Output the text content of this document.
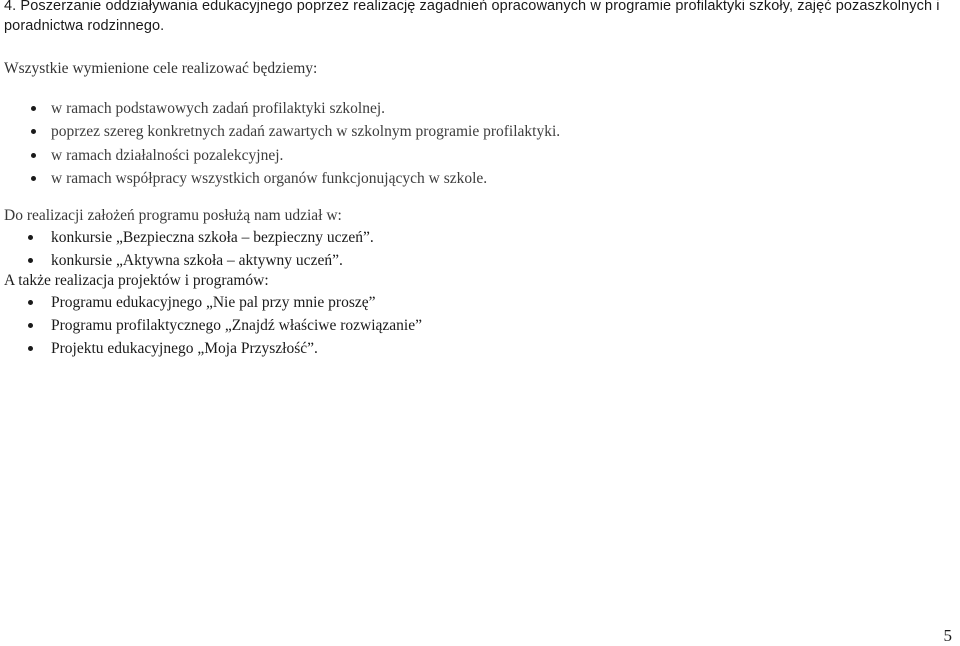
4. Poszerzanie oddziaływania edukacyjnego poprzez realizację zagadnień opracowanych w programie profilaktyki szkoły, zajęć pozaszkolnych i
poradnictwa rodzinnego.

Wszystkie wymienione cele realizować będziemy:

w ramach podstawowych zadań profilaktyki szkolnej.
poprzez szereg konkretnych zadań zawartych w szkolnym programie profilaktyki.
w ramach działalności pozalekcyjnej.
w ramach współpracy wszystkich organów funkcjonujących w szkole.

Do realizacji założeń programu posłużą nam udział w:

konkursie „Bezpieczna szkoła – bezpieczny uczeń”.
konkursie „Aktywna szkoła – aktywny uczeń”.

A także realizacja projektów i programów:

Programu edukacyjnego „Nie pal przy mnie proszę”
Programu profilaktycznego „Znajdź właściwe rozwiązanie”
Projektu edukacyjnego „Moja Przyszłość”.
5
